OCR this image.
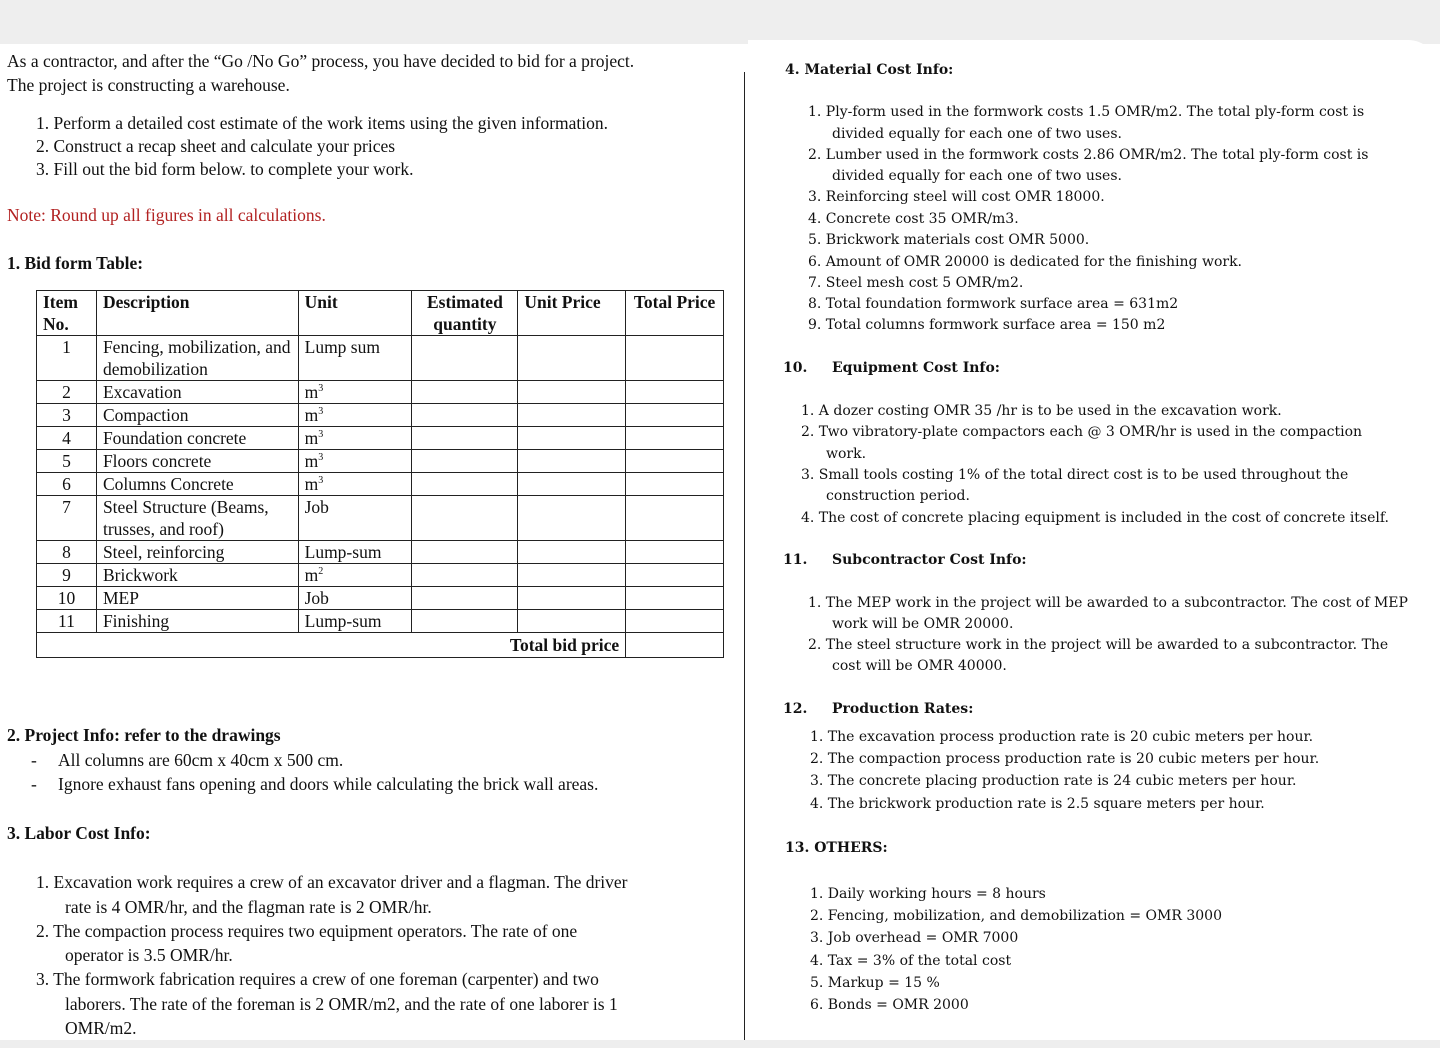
As a contractor, and after the “Go /No Go” process, you have decided to bid for a project.
The project is constructing a warehouse.
1. Perform a detailed cost estimate of the work items using the given information.
2. Construct a recap sheet and calculate your prices
3. Fill out the bid form below. to complete your work.
Note: Round up all figures in all calculations.
1. Bid form Table:
Item No.	Description	Unit	Estimated quantity	Unit Price	Total Price
1	Fencing, mobilization, and demobilization	Lump sum			
2	Excavation	$m^3$			
3	Compaction	$m^3$			
4	Foundation concrete	$m^3$			
5	Floors concrete	$m^3$			
6	Columns Concrete	$m^3$			
7	Steel Structure (Beams, trusses, and roof)	Job			
8	Steel, reinforcing	Lump-sum			
9	Brickwork	$m^2$			
10	MEP	Job			
11	Finishing	Lump-sum			
Total bid price					
2. Project Info: refer to the drawings
- All columns are 60cm x 40cm x 500 cm.
- Ignore exhaust fans opening and doors while calculating the brick wall areas.
3. Labor Cost Info:
1. Excavation work requires a crew of an excavator driver and a flagman. The driver
rate is 4 OMR/hr, and the flagman rate is 2 OMR/hr.
2. The compaction process requires two equipment operators. The rate of one
operator is 3.5 OMR/hr.
3. The formwork fabrication requires a crew of one foreman (carpenter) and two
laborers. The rate of the foreman is 2 OMR/m2, and the rate of one laborer is 1
OMR/m2.
4. Material Cost Info:
1. Ply-form used in the formwork costs 1.5 OMR/m2. The total ply-form cost is
divided equally for each one of two uses.
2. Lumber used in the formwork costs 2.86 OMR/m2. The total ply-form cost is
divided equally for each one of two uses.
3. Reinforcing steel will cost OMR 18000.
4. Concrete cost 35 OMR/m3.
5. Brickwork materials cost OMR 5000.
6. Amount of OMR 20000 is dedicated for the finishing work.
7. Steel mesh cost 5 OMR/m2.
8. Total foundation formwork surface area = 631m2
9. Total columns formwork surface area = 150 m2
10. Equipment Cost Info:
1. A dozer costing OMR 35 /hr is to be used in the excavation work.
2. Two vibratory-plate compactors each @ 3 OMR/hr is used in the compaction
work.
3. Small tools costing 1% of the total direct cost is to be used throughout the
construction period.
4. The cost of concrete placing equipment is included in the cost of concrete itself.
11. Subcontractor Cost Info:
1. The MEP work in the project will be awarded to a subcontractor. The cost of MEP
work will be OMR 20000.
2. The steel structure work in the project will be awarded to a subcontractor. The
cost will be OMR 40000.
12. Production Rates:
1. The excavation process production rate is 20 cubic meters per hour.
2. The compaction process production rate is 20 cubic meters per hour.
3. The concrete placing production rate is 24 cubic meters per hour.
4. The brickwork production rate is 2.5 square meters per hour.
13. OTHERS:
1. Daily working hours = 8 hours
2. Fencing, mobilization, and demobilization = OMR 3000
3. Job overhead = OMR 7000
4. Tax = 3% of the total cost
5. Markup = 15 %
6. Bonds = OMR 2000
